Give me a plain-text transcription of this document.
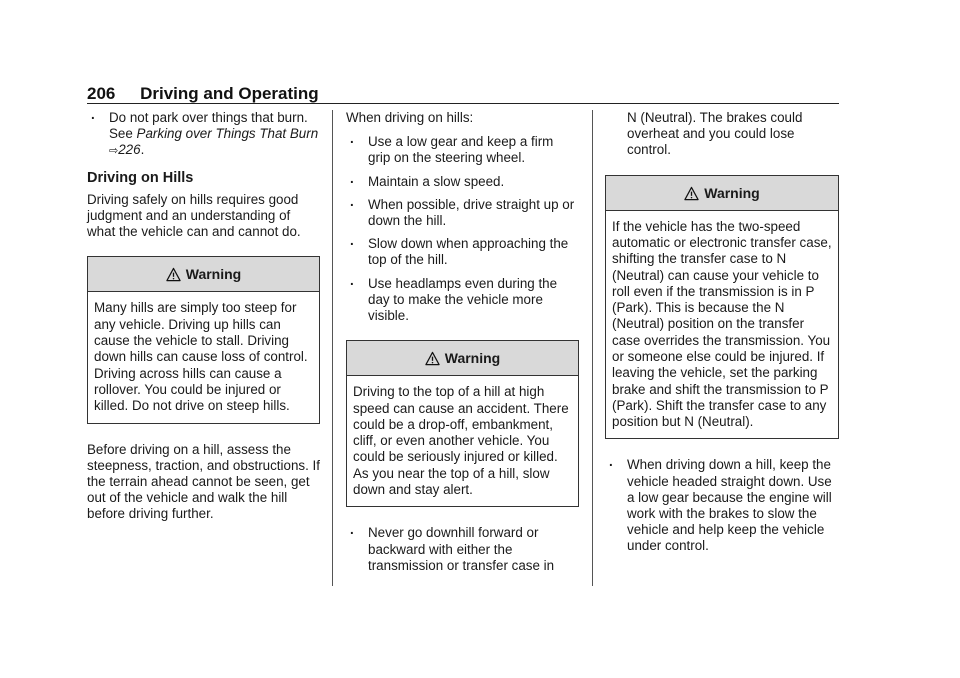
206 Driving and Operating

. Do not park over things that burn. See Parking over Things That Burn ⇨226.

Driving on Hills

Driving safely on hills requires good judgment and an understanding of what the vehicle can and cannot do.

Warning
Many hills are simply too steep for any vehicle. Driving up hills can cause the vehicle to stall. Driving down hills can cause loss of control. Driving across hills can cause a rollover. You could be injured or killed. Do not drive on steep hills.

Before driving on a hill, assess the steepness, traction, and obstructions. If the terrain ahead cannot be seen, get out of the vehicle and walk the hill before driving further.

When driving on hills:

. Use a low gear and keep a firm grip on the steering wheel.

. Maintain a slow speed.

. When possible, drive straight up or down the hill.

. Slow down when approaching the top of the hill.

. Use headlamps even during the day to make the vehicle more visible.

Warning
Driving to the top of a hill at high speed can cause an accident. There could be a drop-off, embankment, cliff, or even another vehicle. You could be seriously injured or killed. As you near the top of a hill, slow down and stay alert.

. Never go downhill forward or backward with either the transmission or transfer case in

N (Neutral). The brakes could overheat and you could lose control.

Warning
If the vehicle has the two-speed automatic or electronic transfer case, shifting the transfer case to N (Neutral) can cause your vehicle to roll even if the transmission is in P (Park). This is because the N (Neutral) position on the transfer case overrides the transmission. You or someone else could be injured. If leaving the vehicle, set the parking brake and shift the transmission to P (Park). Shift the transfer case to any position but N (Neutral).

. When driving down a hill, keep the vehicle headed straight down. Use a low gear because the engine will work with the brakes to slow the vehicle and help keep the vehicle under control.
